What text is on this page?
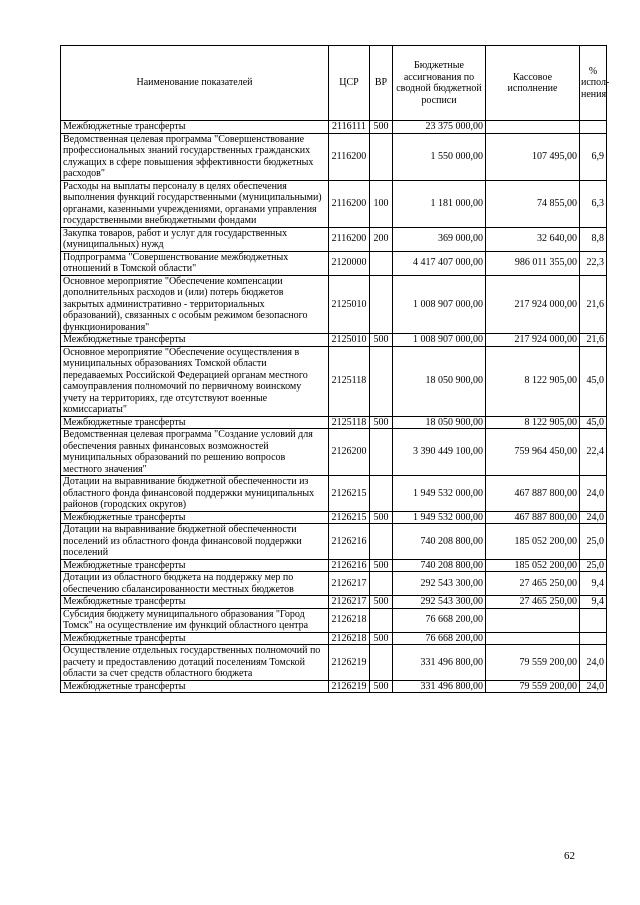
Наименование показателей	ЦСР	ВР	Бюджетные ассигнования по сводной бюджетной росписи	Кассовое исполнение	% испол-нения
Межбюджетные трансферты	2116111	500	23 375 000,00		
Ведомственная целевая программа "Совершенствование профессиональных знаний государственных гражданских служащих в сфере повышения эффективности бюджетных расходов"	2116200		1 550 000,00	107 495,00	6,9
Расходы на выплаты персоналу в целях обеспечения выполнения функций государственными (муниципальными) органами, казенными учреждениями, органами управления государственными внебюджетными фондами	2116200	100	1 181 000,00	74 855,00	6,3
Закупка товаров, работ и услуг для государственных (муниципальных) нужд	2116200	200	369 000,00	32 640,00	8,8
Подпрограмма "Совершенствование межбюджетных отношений в Томской области"	2120000		4 417 407 000,00	986 011 355,00	22,3
Основное мероприятие "Обеспечение компенсации дополнительных расходов и (или) потерь бюджетов закрытых административно - территориальных образований), связанных с особым режимом безопасного функционирования"	2125010		1 008 907 000,00	217 924 000,00	21,6
Межбюджетные трансферты	2125010	500	1 008 907 000,00	217 924 000,00	21,6
Основное мероприятие "Обеспечение осуществления в муниципальных образованиях Томской области передаваемых Российской Федерацией органам местного самоуправления полномочий по первичному воинскому учету на территориях, где отсутствуют военные комиссариаты"	2125118		18 050 900,00	8 122 905,00	45,0
Межбюджетные трансферты	2125118	500	18 050 900,00	8 122 905,00	45,0
Ведомственная целевая программа "Создание условий для обеспечения равных финансовых возможностей муниципальных образований по решению вопросов местного значения"	2126200		3 390 449 100,00	759 964 450,00	22,4
Дотации на выравнивание бюджетной обеспеченности из областного фонда финансовой поддержки муниципальных районов (городских округов)	2126215		1 949 532 000,00	467 887 800,00	24,0
Межбюджетные трансферты	2126215	500	1 949 532 000,00	467 887 800,00	24,0
Дотации на выравнивание бюджетной обеспеченности поселений из областного фонда финансовой поддержки поселений	2126216		740 208 800,00	185 052 200,00	25,0
Межбюджетные трансферты	2126216	500	740 208 800,00	185 052 200,00	25,0
Дотации из областного бюджета на поддержку мер по обеспечению сбалансированности местных бюджетов	2126217		292 543 300,00	27 465 250,00	9,4
Межбюджетные трансферты	2126217	500	292 543 300,00	27 465 250,00	9,4
Субсидия бюджету муниципального образования "Город Томск" на осуществление им функций областного центра	2126218		76 668 200,00		
Межбюджетные трансферты	2126218	500	76 668 200,00		
Осуществление отдельных государственных полномочий по расчету и предоставлению дотаций поселениям Томской области за счет средств областного бюджета	2126219		331 496 800,00	79 559 200,00	24,0
Межбюджетные трансферты	2126219	500	331 496 800,00	79 559 200,00	24,0
62
